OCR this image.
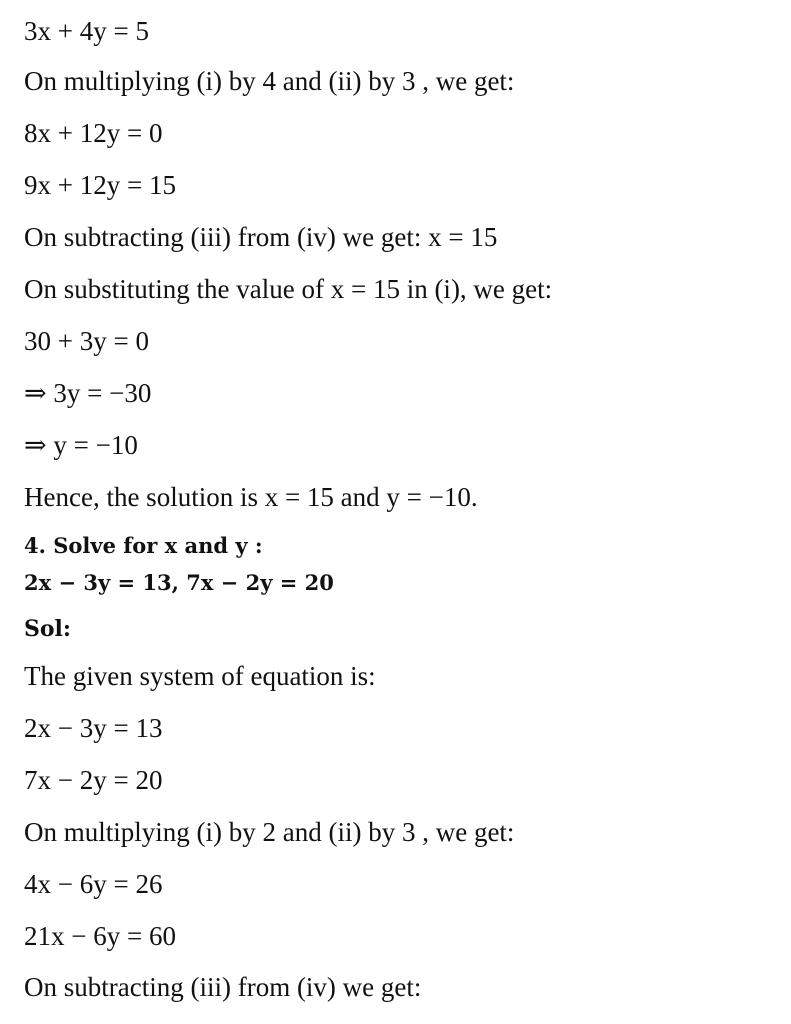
3x + 4y = 5
On multiplying (i) by 4 and (ii) by 3 , we get:
8x + 12y = 0
9x + 12y = 15
On subtracting (iii) from (iv) we get: x = 15
On substituting the value of x = 15 in (i), we get:
30 + 3y = 0
⇒ 3y = −30
⇒ y = −10
Hence, the solution is x = 15 and y = −10.
4. Solve for x and y :
2x − 3y = 13, 7x − 2y = 20
Sol:
The given system of equation is:
2x − 3y = 13
7x − 2y = 20
On multiplying (i) by 2 and (ii) by 3 , we get:
4x − 6y = 26
21x − 6y = 60
On subtracting (iii) from (iv) we get:
